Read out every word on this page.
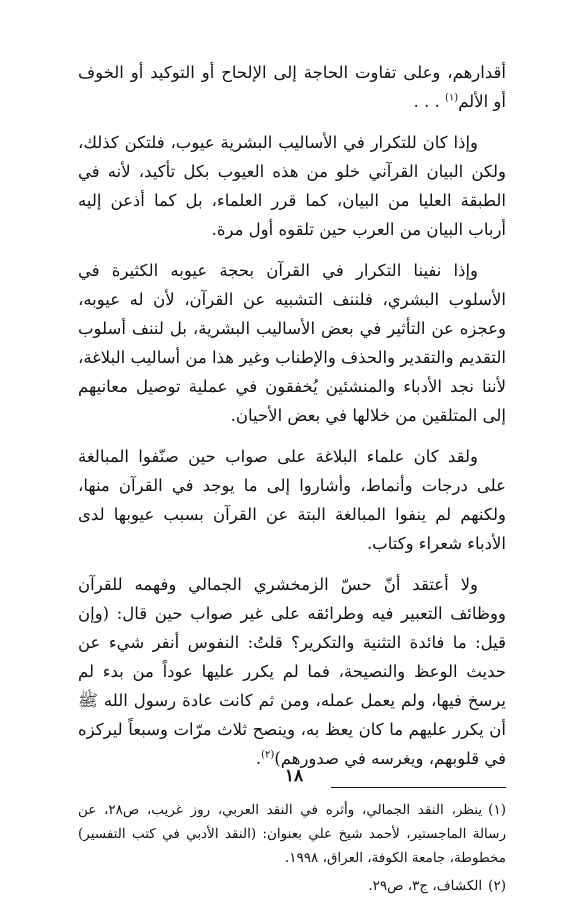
أقدارهم، وعلى تفاوت الحاجة إلى الإلحاح أو التوكيد أو الخوف أو الألم$^{(١)}$ . . .

وإذا كان للتكرار في الأساليب البشرية عيوب، فلتكن كذلك، ولكن البيان القرآني خلو من هذه العيوب بكل تأكيد، لأنه في الطبقة العليا من البيان، كما قرر العلماء، بل كما أذعن إليه أرباب البيان من العرب حين تلقوه أول مرة.

وإذا نفينا التكرار في القرآن بحجة عيوبه الكثيرة في الأسلوب البشري، فلننف التشبيه عن القرآن، لأن له عيوبه، وعجزه عن التأثير في بعض الأساليب البشرية، بل لننف أسلوب التقديم والتقدير والحذف والإطناب وغير هذا من أساليب البلاغة، لأننا نجد الأدباء والمنشئين يُخفقون في عملية توصيل معانيهم إلى المتلقين من خلالها في بعض الأحيان.

ولقد كان علماء البلاغة على صواب حين صنّفوا المبالغة على درجات وأنماط، وأشاروا إلى ما يوجد في القرآن منها، ولكنهم لم ينفوا المبالغة البتة عن القرآن بسبب عيوبها لدى الأدباء شعراء وكتاب.

ولا أعتقد أنّ حسّ الزمخشري الجمالي وفهمه للقرآن ووظائف التعبير فيه وطرائقه على غير صواب حين قال: (وإن قيل: ما فائدة التثنية والتكرير؟ قلتُ: النفوس أنفر شيء عن حديث الوعظ والنصيحة، فما لم يكرر عليها عوداً من بدء لم يرسخ فيها، ولم يعمل عمله، ومن ثم كانت عادة رسول الله ﷺ أن يكرر عليهم ما كان يعظ به، وينصح ثلاث مرّات وسبعاً ليركزه في قلوبهم، ويغرسه في صدورهم)$^{(٢)}$.

(١)ينظر، النقد الجمالي، وأثره في النقد العربي، روز غريب، ص٢٨، عن رسالة الماجستير، لأحمد شيخ علي بعنوان: (النقد الأدبي في كتب التفسير) مخطوطة، جامعة الكوفة، العراق، ١٩٩٨.

(٢)الكشاف، ج٣، ص٢٩.

١٨
